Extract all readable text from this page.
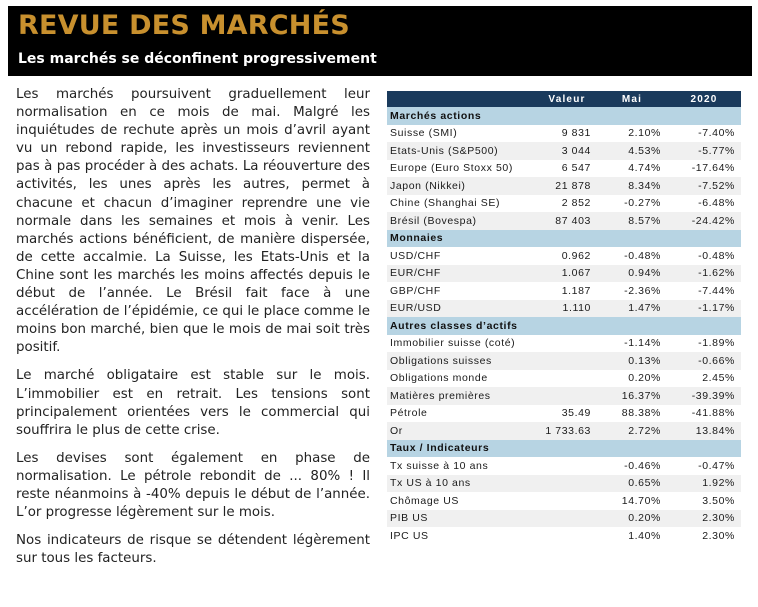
REVUE DES MARCHÉS
Les marchés se déconfinent progressivement

Les marchés poursuivent graduellement leur normalisation en ce mois de mai. Malgré les inquiétudes de rechute après un mois d’avril ayant vu un rebond rapide, les investisseurs reviennent pas à pas procéder à des achats. La réouverture des activités, les unes après les autres, permet à chacune et chacun d’imaginer reprendre une vie normale dans les semaines et mois à venir. Les marchés actions bénéficient, de manière dispersée, de cette accalmie. La Suisse, les Etats-Unis et la Chine sont les marchés les moins affectés depuis le début de l’année. Le Brésil fait face à une accélération de l’épidémie, ce qui le place comme le moins bon marché, bien que le mois de mai soit très positif.

Le marché obligataire est stable sur le mois. L’immobilier est en retrait. Les tensions sont principalement orientées vers le commercial qui souffrira le plus de cette crise.

Les devises sont également en phase de normalisation. Le pétrole rebondit de ... 80% ! Il reste néanmoins à -40% depuis le début de l’année. L’or progresse légèrement sur le mois.

Nos indicateurs de risque se détendent légèrement sur tous les facteurs.

	Valeur	Mai	2020
Marchés actions			
Suisse (SMI)	9 831	2.10%	-7.40%
Etats-Unis (S&P500)	3 044	4.53%	-5.77%
Europe (Euro Stoxx 50)	6 547	4.74%	-17.64%
Japon (Nikkei)	21 878	8.34%	-7.52%
Chine (Shanghai SE)	2 852	-0.27%	-6.48%
Brésil (Bovespa)	87 403	8.57%	-24.42%
Monnaies			
USD/CHF	0.962	-0.48%	-0.48%
EUR/CHF	1.067	0.94%	-1.62%
GBP/CHF	1.187	-2.36%	-7.44%
EUR/USD	1.110	1.47%	-1.17%
Autres classes d’actifs			
Immobilier suisse (coté)		-1.14%	-1.89%
Obligations suisses		0.13%	-0.66%
Obligations monde		0.20%	2.45%
Matières premières		16.37%	-39.39%
Pétrole	35.49	88.38%	-41.88%
Or	1 733.63	2.72%	13.84%
Taux / Indicateurs			
Tx suisse à 10 ans		-0.46%	-0.47%
Tx US à 10 ans		0.65%	1.92%
Chômage US		14.70%	3.50%
PIB US		0.20%	2.30%
IPC US		1.40%	2.30%
